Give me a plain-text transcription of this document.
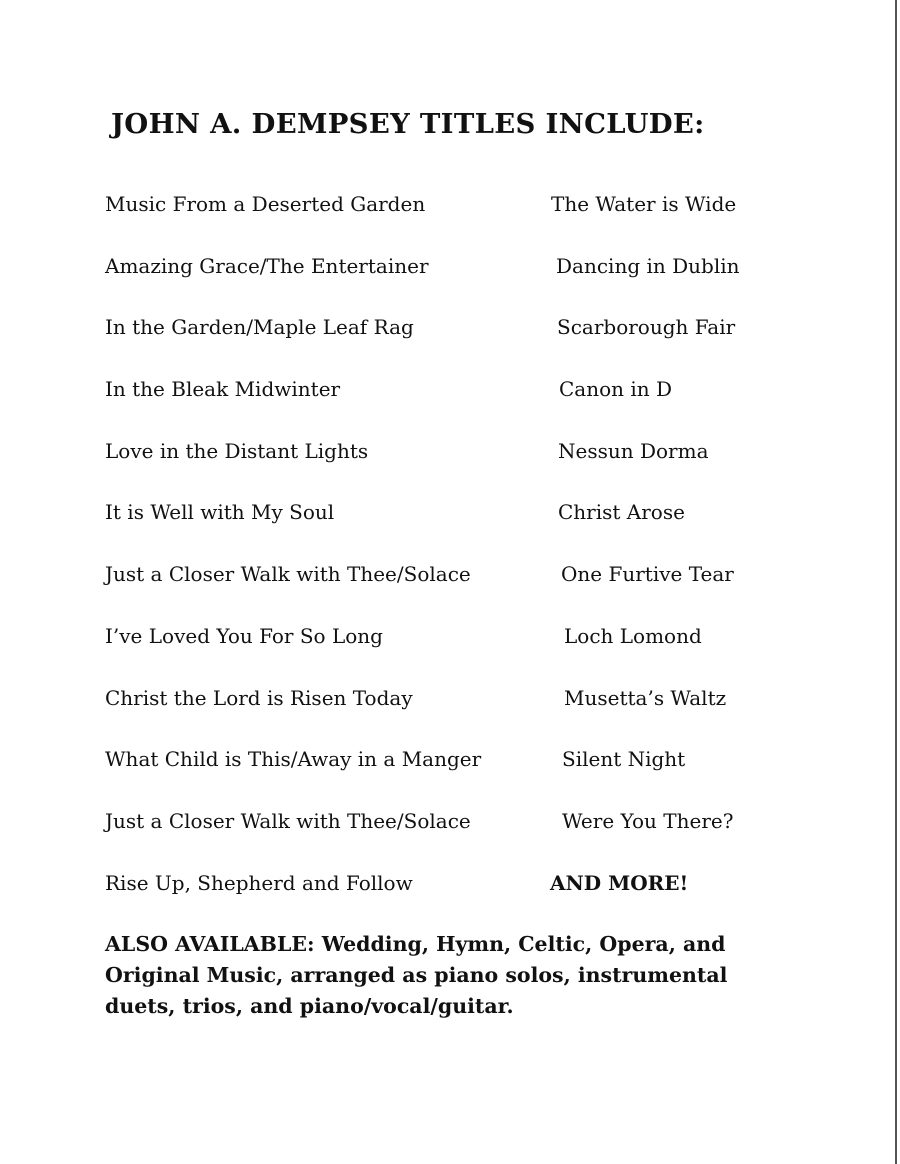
JOHN A. DEMPSEY TITLES INCLUDE:
Music From a Deserted Garden
Amazing Grace/The Entertainer
In the Garden/Maple Leaf Rag
In the Bleak Midwinter
Love in the Distant Lights
It is Well with My Soul
Just a Closer Walk with Thee/Solace
I’ve Loved You For So Long
Christ the Lord is Risen Today
What Child is This/Away in a Manger
Just a Closer Walk with Thee/Solace
Rise Up, Shepherd and Follow
The Water is Wide
Dancing in Dublin
Scarborough Fair
Canon in D
Nessun Dorma
Christ Arose
One Furtive Tear
Loch Lomond
Musetta’s Waltz
Silent Night
Were You There?
AND MORE!

ALSO AVAILABLE: Wedding, Hymn, Celtic, Opera, and
Original Music, arranged as piano solos, instrumental
duets, trios, and piano/vocal/guitar.
